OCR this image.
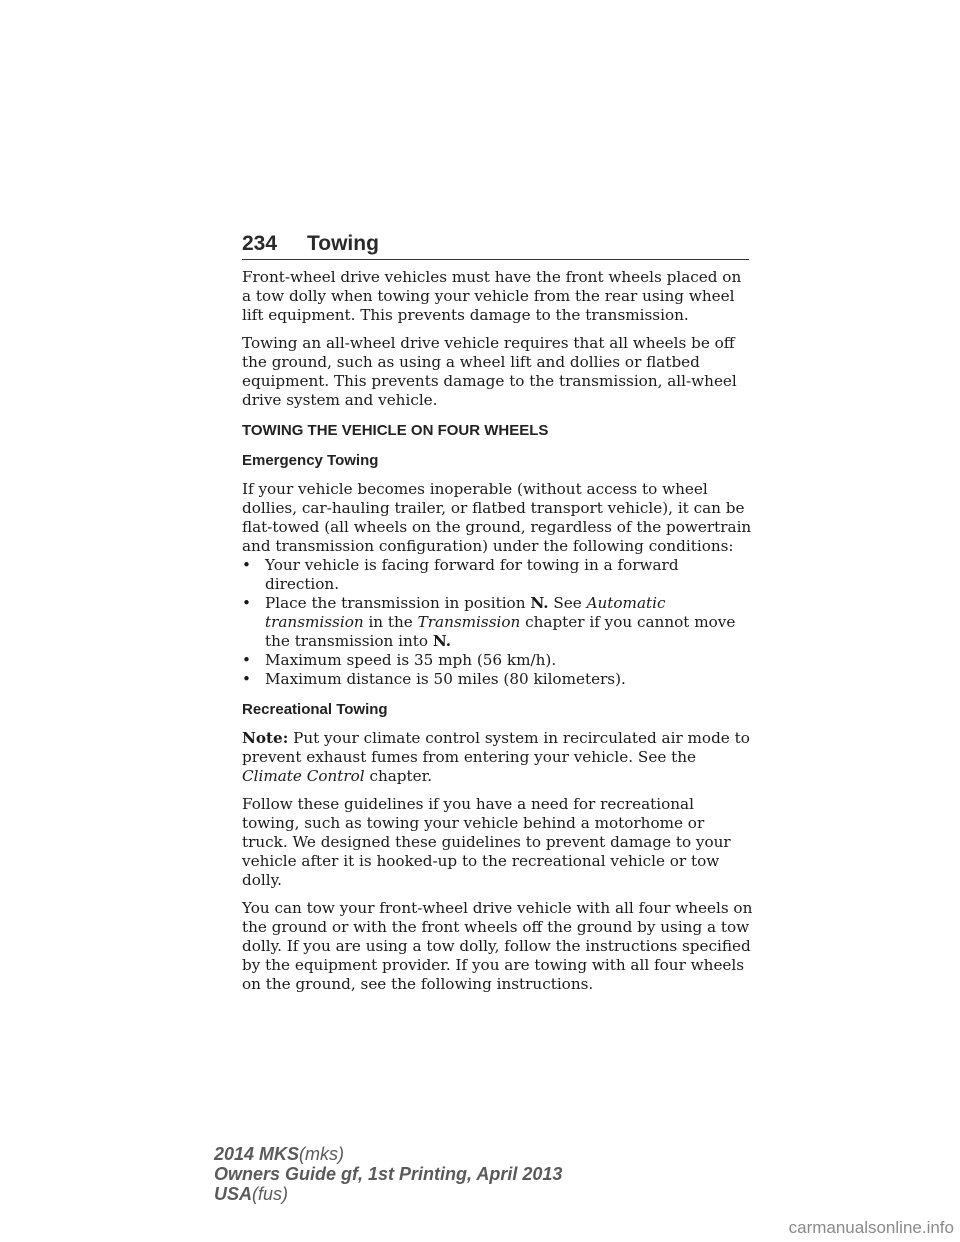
234 Towing

Front-wheel drive vehicles must have the front wheels placed on a tow dolly when towing your vehicle from the rear using wheel lift equipment. This prevents damage to the transmission.

Towing an all-wheel drive vehicle requires that all wheels be off the ground, such as using a wheel lift and dollies or flatbed equipment. This prevents damage to the transmission, all-wheel drive system and vehicle.

TOWING THE VEHICLE ON FOUR WHEELS
Emergency Towing

If your vehicle becomes inoperable (without access to wheel dollies, car-hauling trailer, or flatbed transport vehicle), it can be flat-towed (all wheels on the ground, regardless of the powertrain and transmission configuration) under the following conditions:

• Your vehicle is facing forward for towing in a forward direction.
• Place the transmission in position N. See Automatic transmission in the Transmission chapter if you cannot move the transmission into N.
• Maximum speed is 35 mph (56 km/h).
• Maximum distance is 50 miles (80 kilometers).
Recreational Towing

Note: Put your climate control system in recirculated air mode to prevent exhaust fumes from entering your vehicle. See the Climate Control chapter.

Follow these guidelines if you have a need for recreational towing, such as towing your vehicle behind a motorhome or truck. We designed these guidelines to prevent damage to your vehicle after it is hooked-up to the recreational vehicle or tow dolly.

You can tow your front-wheel drive vehicle with all four wheels on the ground or with the front wheels off the ground by using a tow dolly. If you are using a tow dolly, follow the instructions specified by the equipment provider. If you are towing with all four wheels on the ground, see the following instructions.

2014 MKS(mks)
Owners Guide gf, 1st Printing, April 2013
USA(fus)
carmanualsonline.info
